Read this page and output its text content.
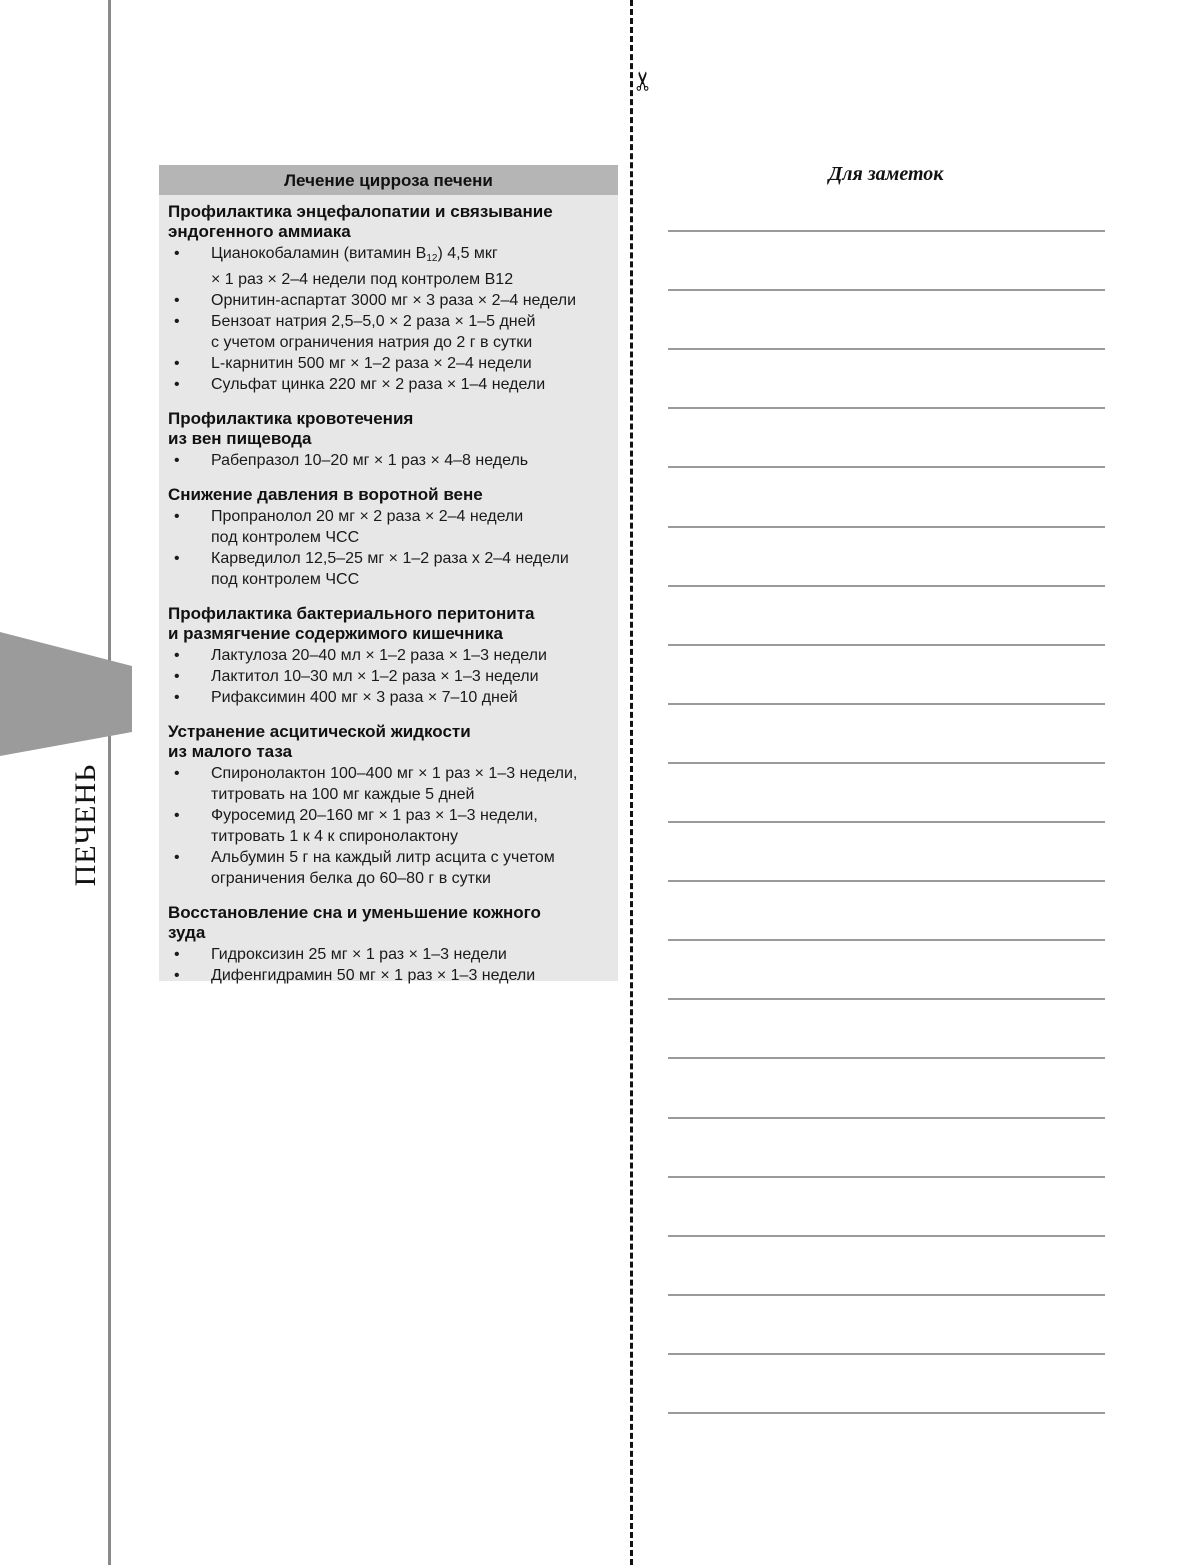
ПЕЧЕНЬ
Лечение цирроза печени
Профилактика энцефалопатии и связывание
эндогенного аммиака
• Цианокобаламин (витамин $B_{12}$) 4,5 мкг
× 1 раз × 2–4 недели под контролем B12
• Орнитин-аспартат 3000 мг × 3 раза × 2–4 недели
• Бензоат натрия 2,5–5,0 × 2 раза × 1–5 дней
с учетом ограничения натрия до 2 г в сутки
• L-карнитин 500 мг × 1–2 раза × 2–4 недели
• Сульфат цинка 220 мг × 2 раза × 1–4 недели
Профилактика кровотечения
из вен пищевода
• Рабепразол 10–20 мг × 1 раз × 4–8 недель
Снижение давления в воротной вене
• Пропранолол 20 мг × 2 раза × 2–4 недели
под контролем ЧСС
• Карведилол 12,5–25 мг × 1–2 раза х 2–4 недели
под контролем ЧСС
Профилактика бактериального перитонита
и размягчение содержимого кишечника
• Лактулоза 20–40 мл × 1–2 раза × 1–3 недели
• Лактитол 10–30 мл × 1–2 раза × 1–3 недели
• Рифаксимин 400 мг × 3 раза × 7–10 дней
Устранение асцитической жидкости
из малого таза
• Спиронолактон 100–400 мг × 1 раз × 1–3 недели,
титровать на 100 мг каждые 5 дней
• Фуросемид 20–160 мг × 1 раз × 1–3 недели,
титровать 1 к 4 к спиронолактону
• Альбумин 5 г на каждый литр асцита с учетом
ограничения белка до 60–80 г в сутки
Восстановление сна и уменьшение кожного
зуда
• Гидроксизин 25 мг × 1 раз × 1–3 недели
• Дифенгидрамин 50 мг × 1 раз × 1–3 недели
✂
Для заметок
